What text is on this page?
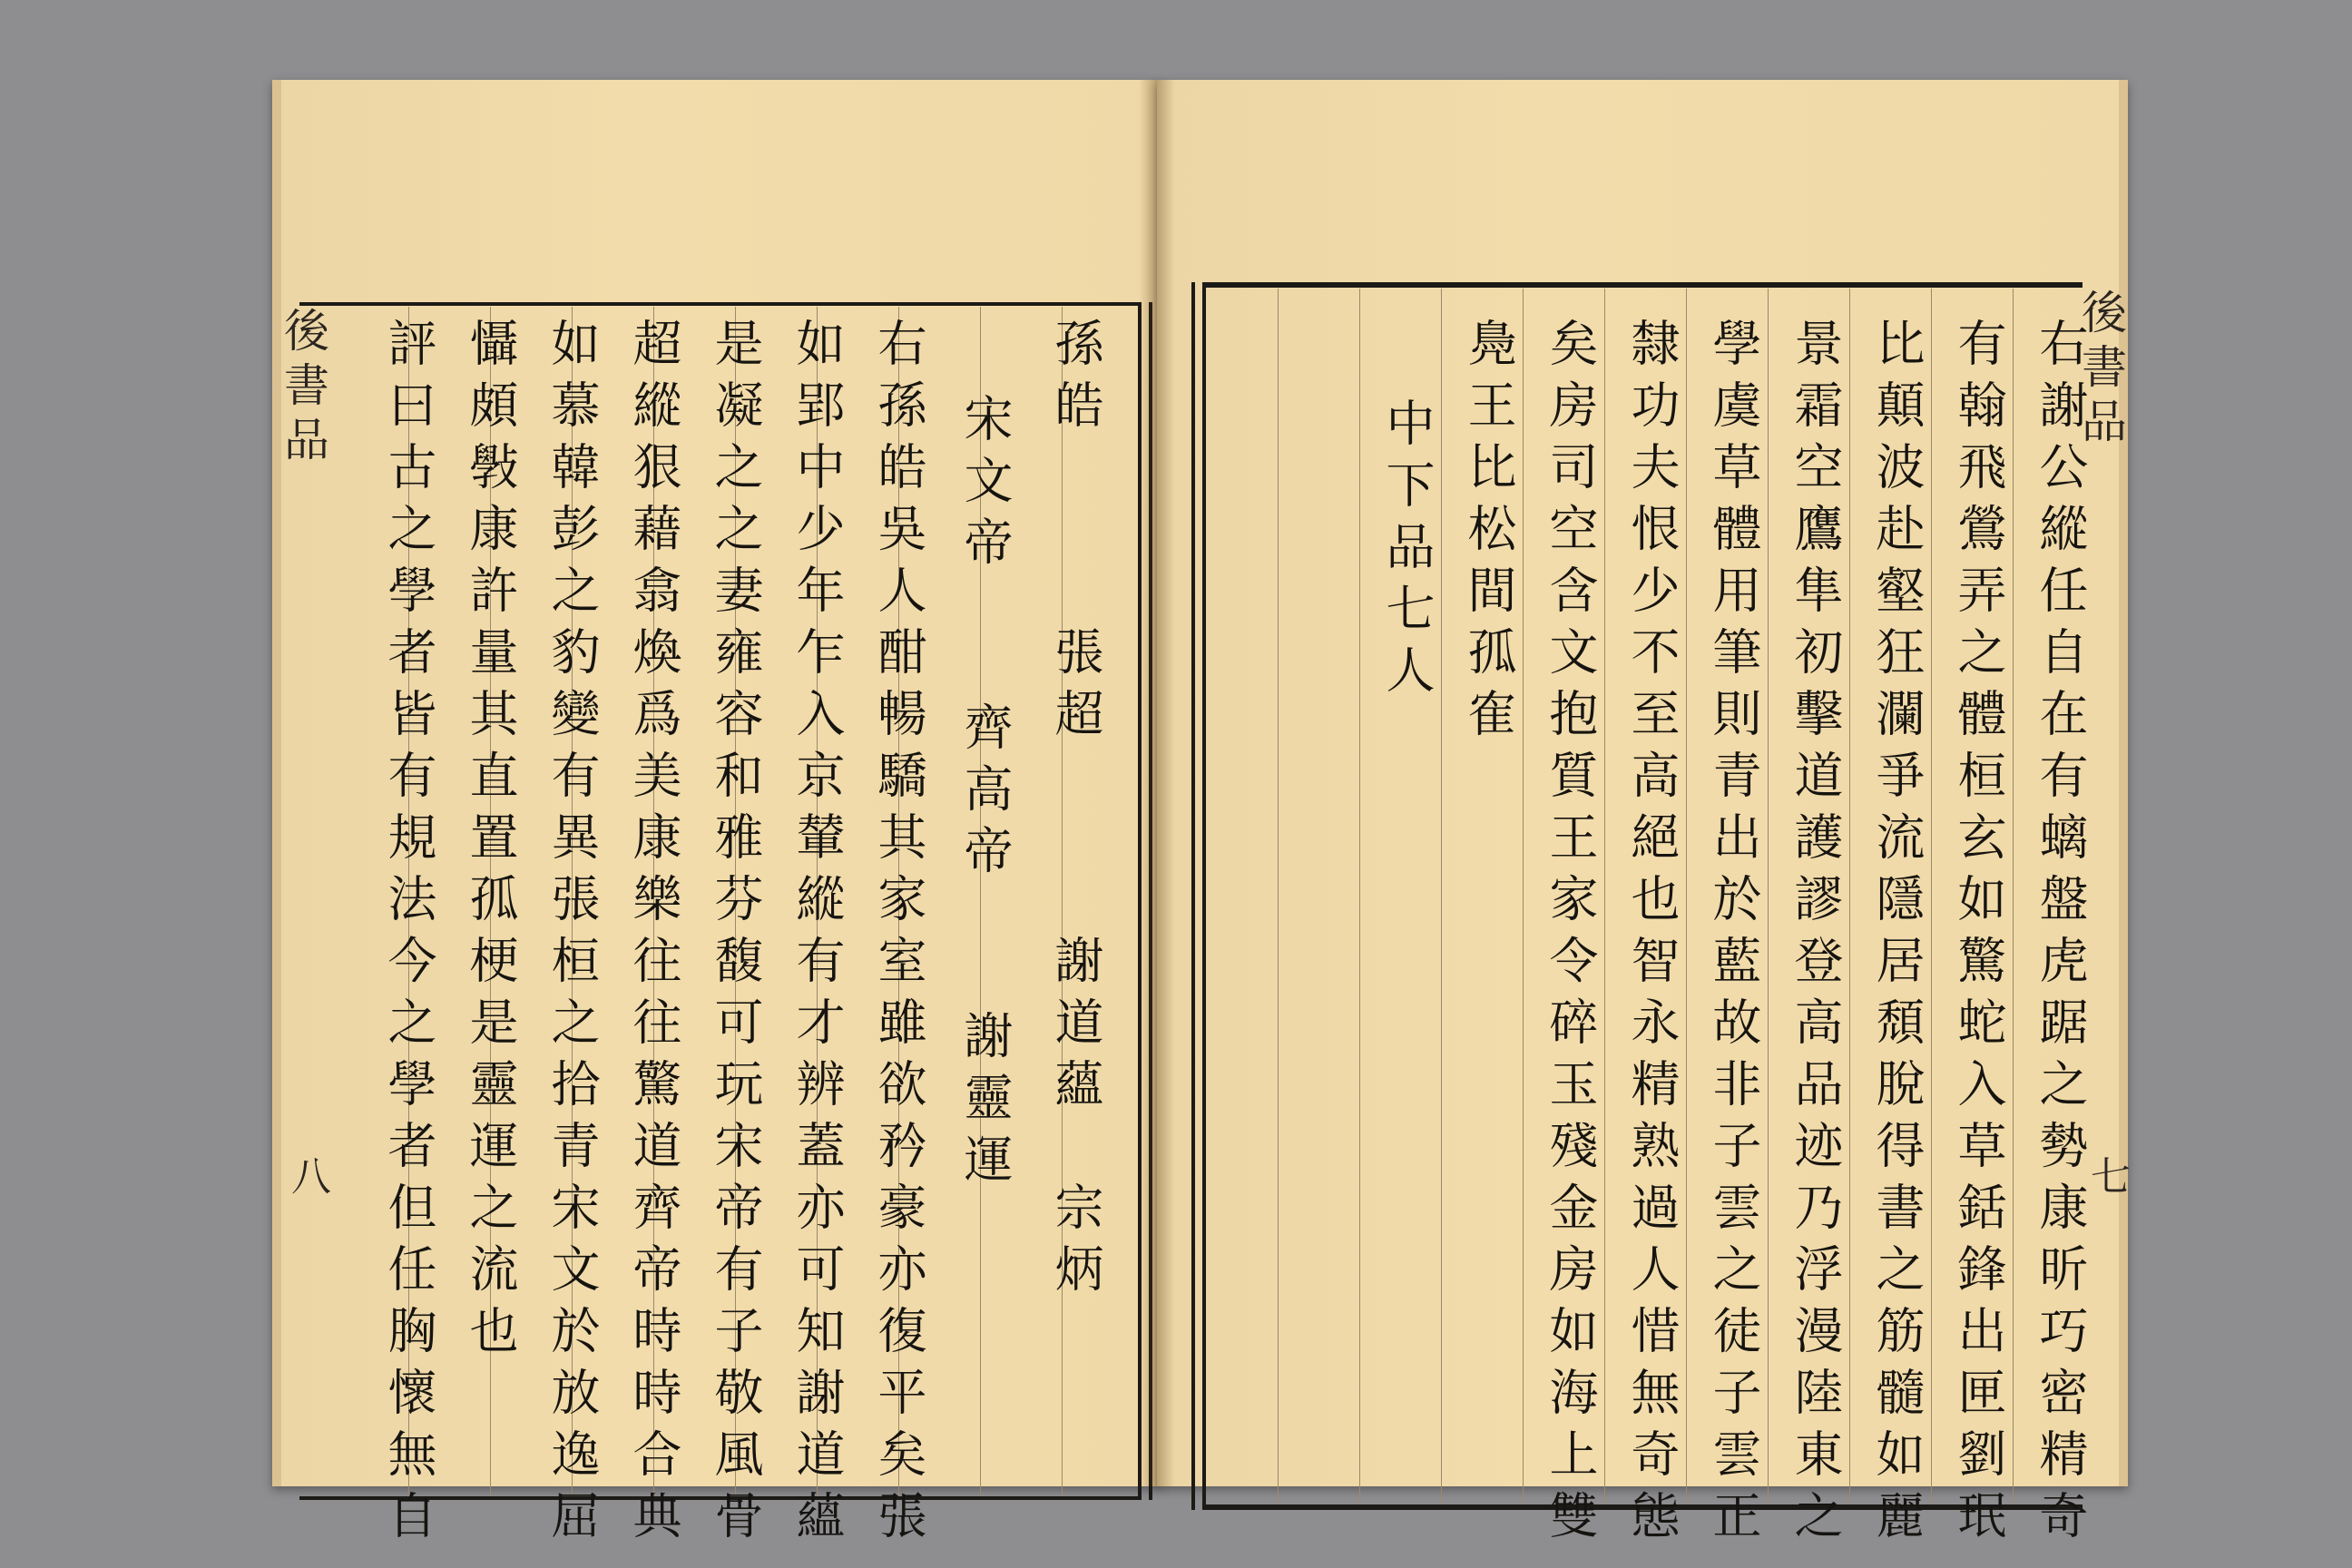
後書品
八	孫皓　　　張超　　　謝道蘊　宗炳
宋文帝　　齊高帝　　謝靈運
右孫皓吳人酣暢驕其家室雖欲矜豪亦復平矣張
如郢中少年乍入京輦縱有才辨蓋亦可知謝道蘊
是凝之之妻雍容和雅芬馥可玩宋帝有子敬風骨
超縱狠藉翕煥爲美康樂往往驚道齊帝時時合典
如慕韓彭之豹變有異張桓之拾青宋文於放逸屈
懾頗斅康許量其直置孤梗是靈運之流也
評曰古之學者皆有規法今之學者但任胸懷無自	後書品
七
右謝公縱任自在有螭盤虎踞之勢康昕巧密精奇
有翰飛鶯弄之體桓玄如驚蛇入草銛鋒出匣劉珉
比顛波赴壑狂瀾爭流隱居頹脫得書之筋髓如麗
景霜空鷹隼初擊道護謬登高品迹乃浮漫陸東之
學虞草體用筆則青出於藍故非子雲之徒子雲正
隸功夫恨少不至高絕也智永精熟過人惜無奇態
矣房司空含文抱質王家令碎玉殘金房如海上雙
鳧王比松間孤隺
中下品七人
